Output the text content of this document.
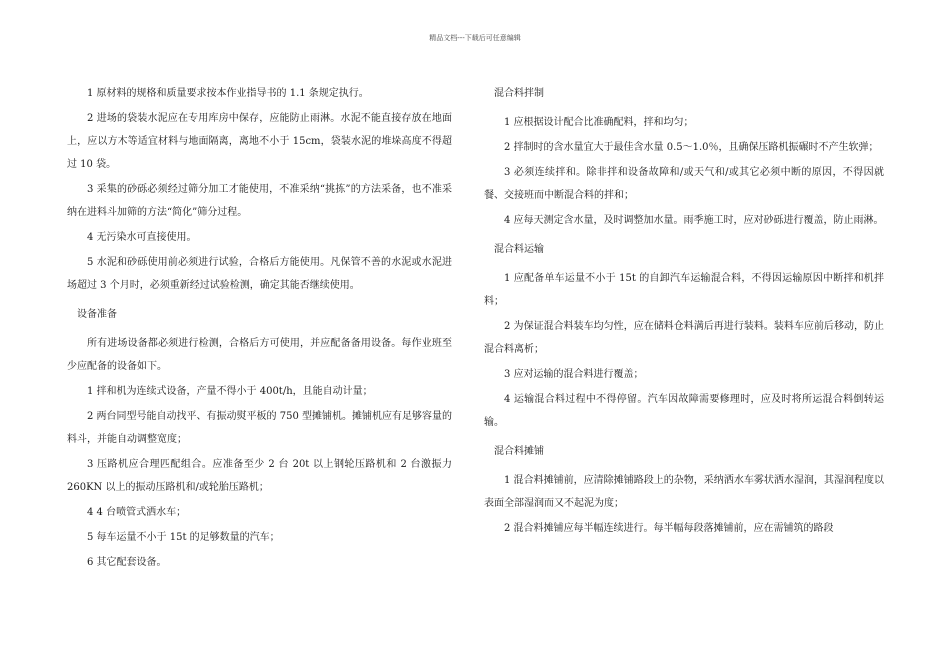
精品文档---下载后可任意编辑

1 原材料的规格和质量要求按本作业指导书的 1.1 条规定执行。

2 进场的袋装水泥应在专用库房中保存，应能防止雨淋。水泥不能直接存放在地面上，应以方木等适宜材料与地面隔离，离地不小于 15cm，袋装水泥的堆垛高度不得超过 10 袋。

3 采集的砂砾必须经过筛分加工才能使用，不准采纳“挑拣”的方法采备，也不准采纳在进料斗加筛的方法“简化”筛分过程。

4 无污染水可直接使用。

5 水泥和砂砾使用前必须进行试验，合格后方能使用。凡保管不善的水泥或水泥进场超过 3 个月时，必须重新经过试验检测，确定其能否继续使用。

设备准备

所有进场设备都必须进行检测，合格后方可使用，并应配备备用设备。每作业班至少应配备的设备如下。

1 拌和机为连续式设备，产量不得小于 400t/h，且能自动计量；

2 两台同型号能自动找平、有振动熨平板的 750 型摊铺机。摊铺机应有足够容量的料斗，并能自动调整宽度；

3 压路机应合理匹配组合。应准备至少 2 台 20t 以上钢轮压路机和 2 台激振力 260KN 以上的振动压路机和/或轮胎压路机；

4 4 台喷管式洒水车；

5 每车运量不小于 15t 的足够数量的汽车；

6 其它配套设备。

混合料拌制

1 应根据设计配合比准确配料，拌和均匀；

2 拌制时的含水量宜大于最佳含水量 0.5～1.0％，且确保压路机振碾时不产生软弹；

3 必须连续拌和。除非拌和设备故障和/或天气和/或其它必须中断的原因，不得因就餐、交接班而中断混合料的拌和；

4 应每天测定含水量，及时调整加水量。雨季施工时，应对砂砾进行覆盖，防止雨淋。

混合料运输

1 应配备单车运量不小于 15t 的自卸汽车运输混合料，不得因运输原因中断拌和机拌料；

2 为保证混合料装车均匀性，应在储料仓料满后再进行装料。装料车应前后移动，防止混合料离析；

3 应对运输的混合料进行覆盖；

4 运输混合料过程中不得停留。汽车因故障需要修理时，应及时将所运混合料倒转运输。

混合料摊铺

1 混合料摊铺前，应清除摊铺路段上的杂物，采纳洒水车雾状洒水湿润，其湿润程度以表面全部湿润而又不起泥为度；

2 混合料摊铺应每半幅连续进行。每半幅每段落摊铺前，应在需铺筑的路段
